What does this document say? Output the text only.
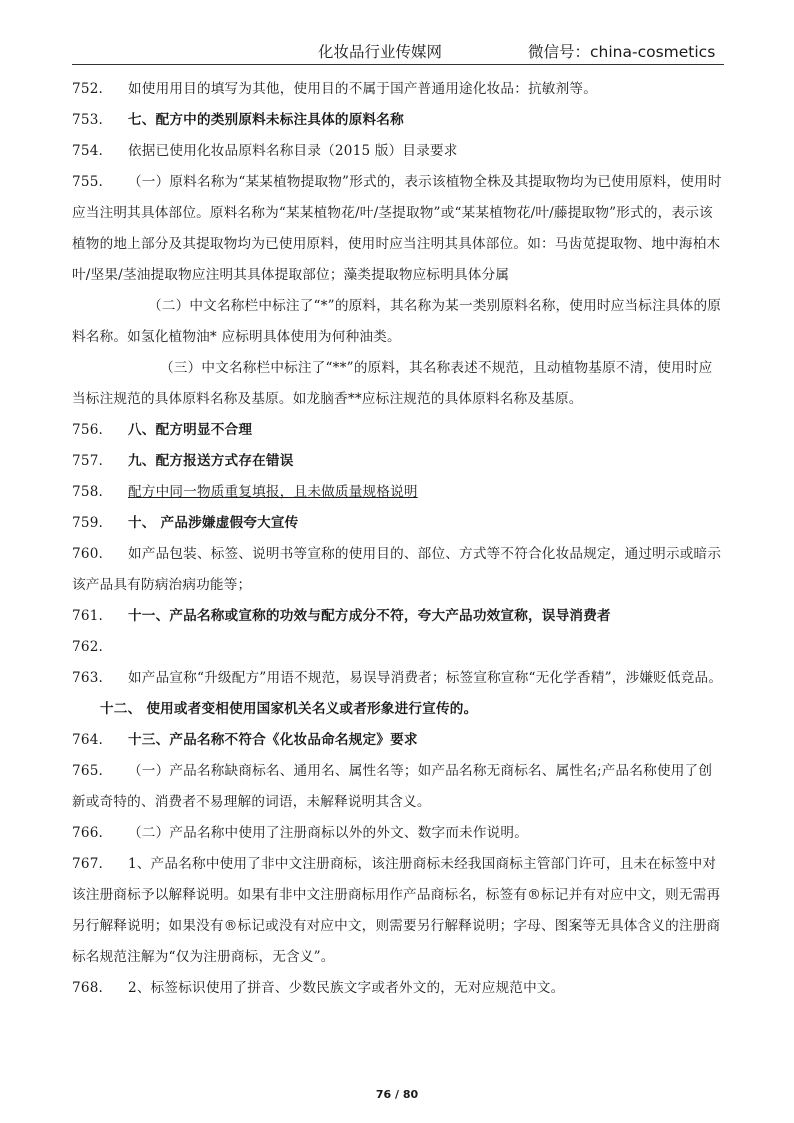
化妆品行业传媒网	微信号：china-cosmetics
752.	如使用用目的填写为其他，使用目的不属于国产普通用途化妆品：抗敏剂等。
753.	七、配方中的类别原料未标注具体的原料名称
754.	依据已使用化妆品原料名称目录（2015 版）目录要求
755.	（一）原料名称为“某某植物提取物”形式的，表示该植物全株及其提取物均为已使用原料，使用时应当注明其具体部位。原料名称为“某某植物花/叶/茎提取物”或“某某植物花/叶/藤提取物”形式的，表示该植物的地上部分及其提取物均为已使用原料，使用时应当注明其具体部位。如：马齿苋提取物、地中海柏木叶/坚果/茎油提取物应注明其具体提取部位；藻类提取物应标明具体分属
（二）中文名称栏中标注了“*”的原料，其名称为某一类别原料名称，使用时应当标注具体的原料名称。如氢化植物油* 应标明具体使用为何种油类。
（三）中文名称栏中标注了“**”的原料，其名称表述不规范，且动植物基原不清，使用时应当标注规范的具体原料名称及基原。如龙脑香**应标注规范的具体原料名称及基原。
756.	八、配方明显不合理
757.	九、配方报送方式存在错误
758.	配方中同一物质重复填报，且未做质量规格说明
759.	十、 产品涉嫌虚假夸大宣传
760.	如产品包装、标签、说明书等宣称的使用目的、部位、方式等不符合化妆品规定，通过明示或暗示该产品具有防病治病功能等；
761.	十一、产品名称或宣称的功效与配方成分不符，夸大产品功效宣称，误导消费者
762.

763.	如产品宣称“升级配方”用语不规范，易误导消费者；标签宣称宣称“无化学香精”，涉嫌贬低竞品。
十二、 使用或者变相使用国家机关名义或者形象进行宣传的。
764.	十三、产品名称不符合《化妆品命名规定》要求
765.	（一）产品名称缺商标名、通用名、属性名等；如产品名称无商标名、属性名;产品名称使用了创新或奇特的、消费者不易理解的词语，未解释说明其含义。
766.	（二）产品名称中使用了注册商标以外的外文、数字而未作说明。
767.	1、产品名称中使用了非中文注册商标，该注册商标未经我国商标主管部门许可，且未在标签中对该注册商标予以解释说明。如果有非中文注册商标用作产品商标名，标签有®标记并有对应中文，则无需再另行解释说明；如果没有®标记或没有对应中文，则需要另行解释说明；字母、图案等无具体含义的注册商标名规范注解为“仅为注册商标，无含义”。
768.	2、标签标识使用了拼音、少数民族文字或者外文的，无对应规范中文。
76 / 80
